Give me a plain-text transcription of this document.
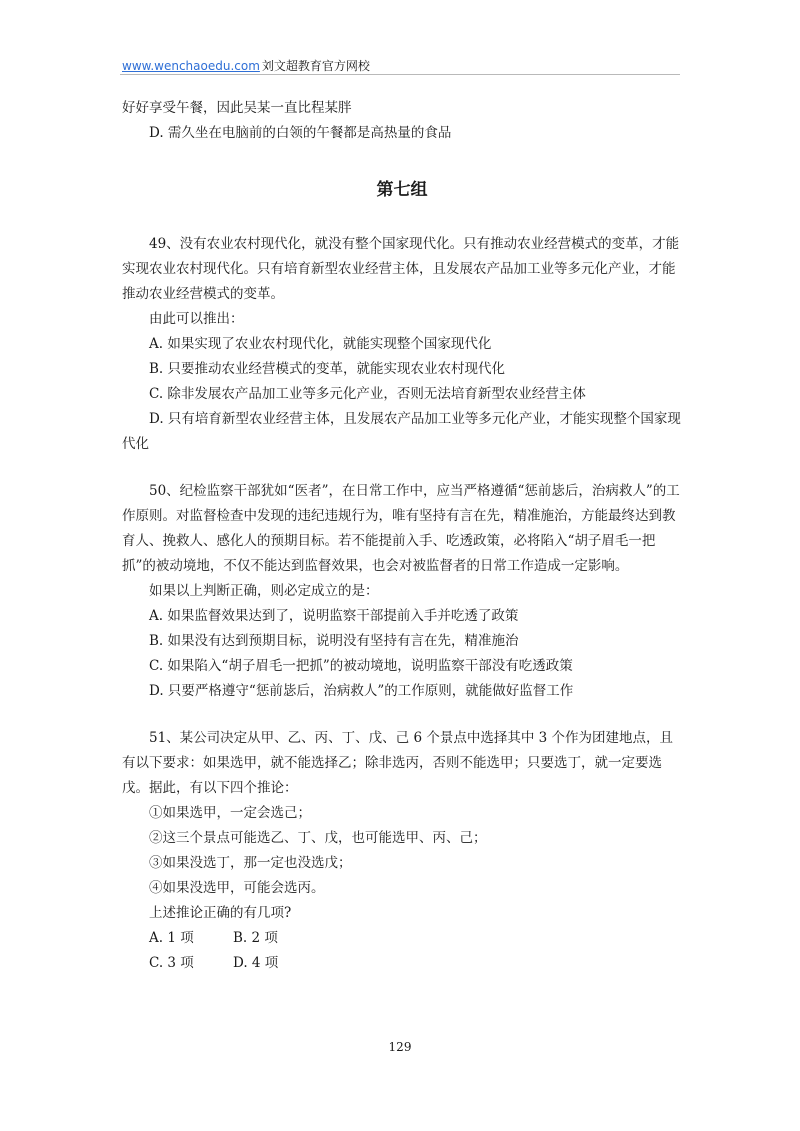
www.wenchaoedu.com 刘文超教育官方网校

好好享受午餐，因此吴某一直比程某胖

D. 需久坐在电脑前的白领的午餐都是高热量的食品

第七组

49、没有农业农村现代化，就没有整个国家现代化。只有推动农业经营模式的变革，才能实现农业农村现代化。只有培育新型农业经营主体，且发展农产品加工业等多元化产业，才能推动农业经营模式的变革。

由此可以推出：

A. 如果实现了农业农村现代化，就能实现整个国家现代化

B. 只要推动农业经营模式的变革，就能实现农业农村现代化

C. 除非发展农产品加工业等多元化产业，否则无法培育新型农业经营主体

D. 只有培育新型农业经营主体，且发展农产品加工业等多元化产业，才能实现整个国家现代化

50、纪检监察干部犹如“医者”，在日常工作中，应当严格遵循“惩前毖后，治病救人”的工作原则。对监督检查中发现的违纪违规行为，唯有坚持有言在先，精准施治，方能最终达到教育人、挽救人、感化人的预期目标。若不能提前入手、吃透政策，必将陷入“胡子眉毛一把抓”的被动境地，不仅不能达到监督效果，也会对被监督者的日常工作造成一定影响。

如果以上判断正确，则必定成立的是：

A. 如果监督效果达到了，说明监察干部提前入手并吃透了政策

B. 如果没有达到预期目标，说明没有坚持有言在先，精准施治

C. 如果陷入“胡子眉毛一把抓”的被动境地，说明监察干部没有吃透政策

D. 只要严格遵守“惩前毖后，治病救人”的工作原则，就能做好监督工作

51、某公司决定从甲、乙、丙、丁、戊、己 6 个景点中选择其中 3 个作为团建地点，且有以下要求：如果选甲，就不能选择乙；除非选丙，否则不能选甲；只要选丁，就一定要选戊。据此，有以下四个推论：

①如果选甲，一定会选己；

②这三个景点可能选乙、丁、戊，也可能选甲、丙、己；

③如果没选丁，那一定也没选戊；

④如果没选甲，可能会选丙。

上述推论正确的有几项?

A. 1 项	B. 2 项
C. 3 项	D. 4 项
129
